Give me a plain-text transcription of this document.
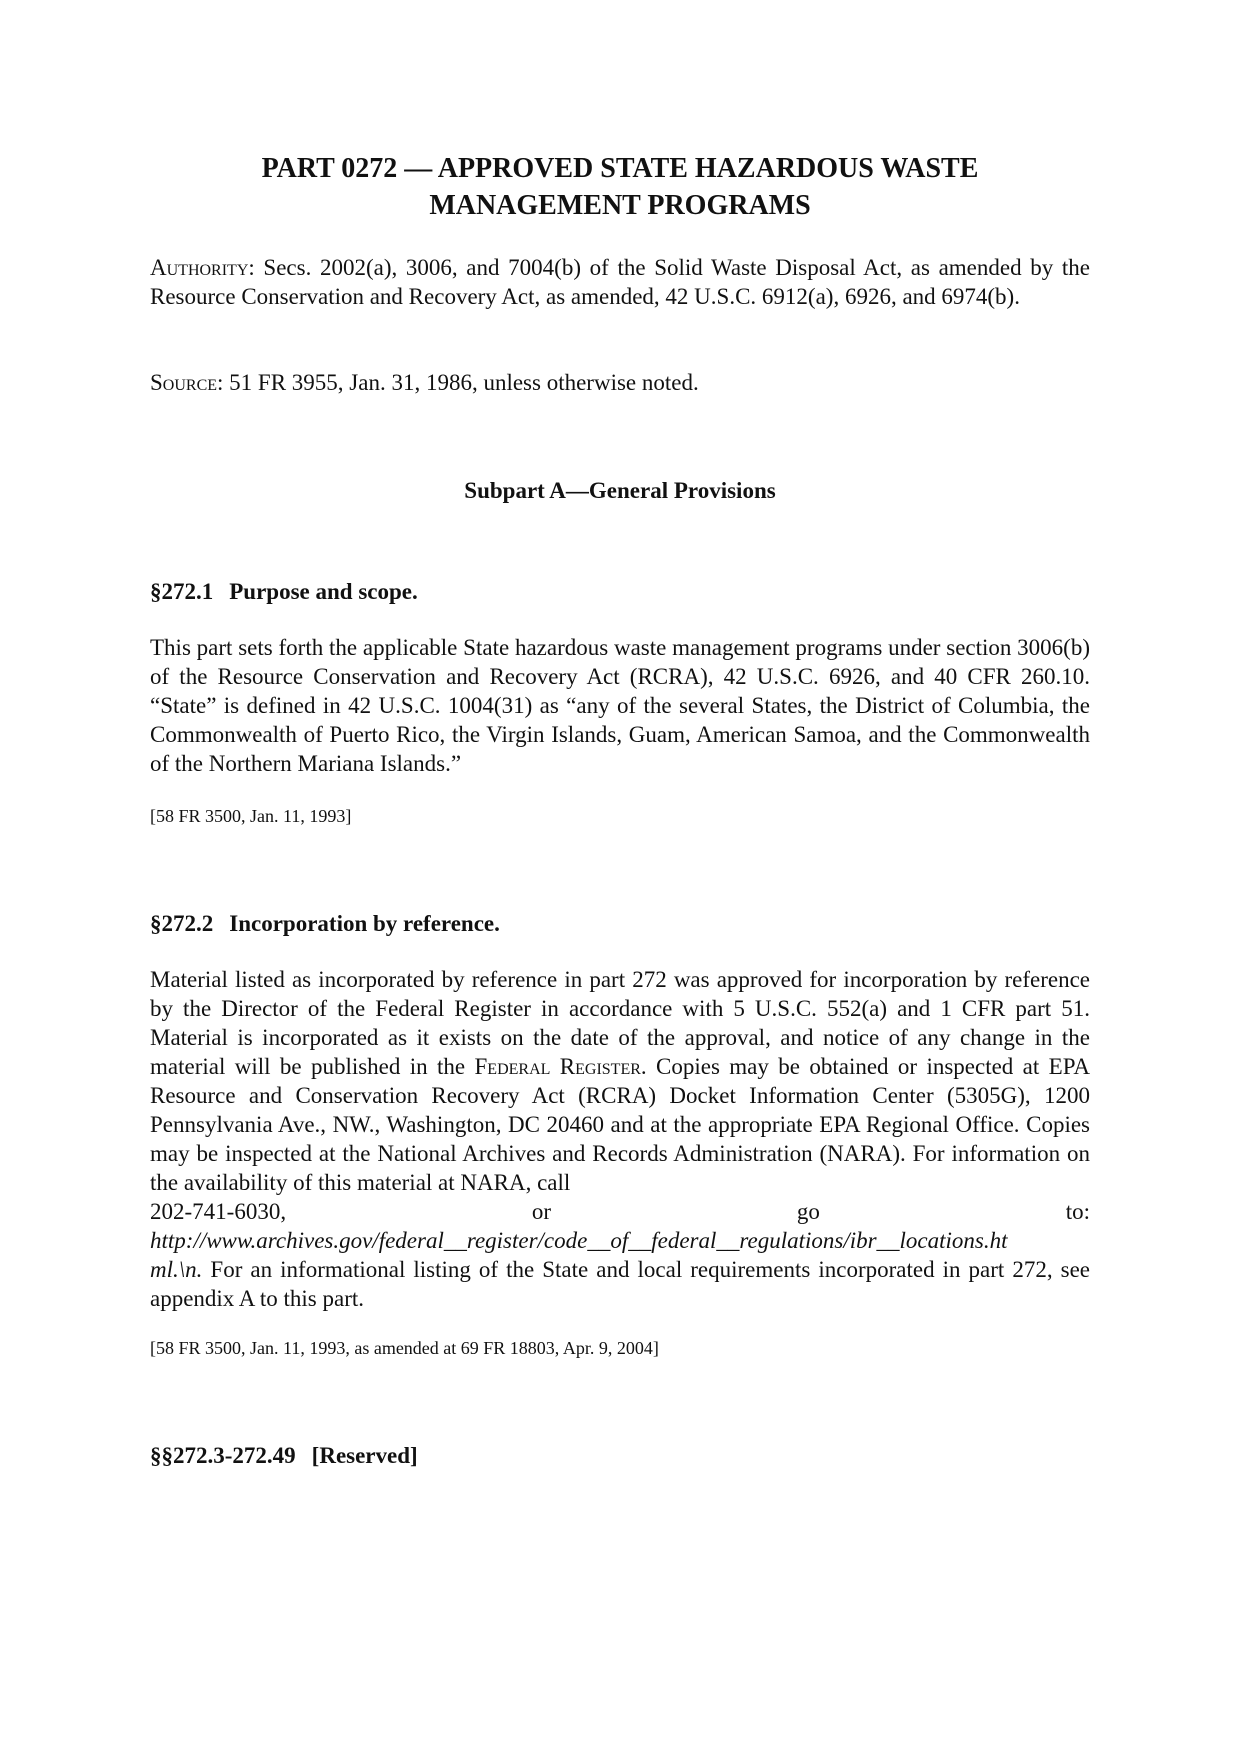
PART 0272 — APPROVED STATE HAZARDOUS WASTE
MANAGEMENT PROGRAMS

Authority: Secs. 2002(a), 3006, and 7004(b) of the Solid Waste Disposal Act, as amended by the Resource Conservation and Recovery Act, as amended, 42 U.S.C. 6912(a), 6926, and 6974(b).

Source: 51 FR 3955, Jan. 31, 1986, unless otherwise noted.

Subpart A—General Provisions
§272.1 Purpose and scope.

This part sets forth the applicable State hazardous waste management programs under section 3006(b) of the Resource Conservation and Recovery Act (RCRA), 42 U.S.C. 6926, and 40 CFR 260.10. “State” is defined in 42 U.S.C. 1004(31) as “any of the several States, the District of Columbia, the Commonwealth of Puerto Rico, the Virgin Islands, Guam, American Samoa, and the Commonwealth of the Northern Mariana Islands.”

[58 FR 3500, Jan. 11, 1993]

§272.2 Incorporation by reference.
Material listed as incorporated by reference in part 272 was approved for incorporation by reference by the Director of the Federal Register in accordance with 5 U.S.C. 552(a) and 1 CFR part 51. Material is incorporated as it exists on the date of the approval, and notice of any change in the material will be published in the Federal Register. Copies may be obtained or inspected at EPA Resource and Conservation Recovery Act (RCRA) Docket Information Center (5305G), 1200 Pennsylvania Ave., NW., Washington, DC 20460 and at the appropriate EPA Regional Office. Copies may be inspected at the National Archives and Records Administration (NARA). For information on the availability of this material at NARA, call
202-741-6030,	or	go	to:
http://www.archives.gov/federal__register/code__of__federal__regulations/ibr__locations.ht
ml.\n. For an informational listing of the State and local requirements incorporated in part 272, see appendix A to this part.

[58 FR 3500, Jan. 11, 1993, as amended at 69 FR 18803, Apr. 9, 2004]

§§272.3-272.49 [Reserved]
